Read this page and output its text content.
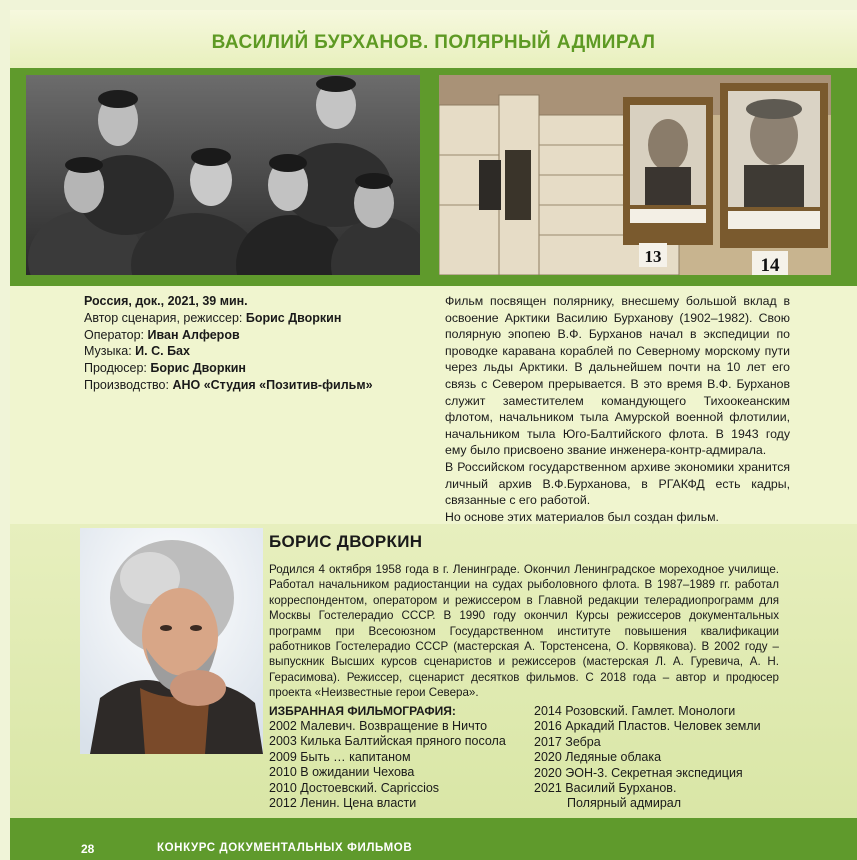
ВАСИЛИЙ БУРХАНОВ. ПОЛЯРНЫЙ АДМИРАЛ
13	14
Россия, док., 2021, 39 мин.
Автор сценария, режиссер: Борис Дворкин
Оператор: Иван Алферов
Музыка: И. С. Бах
Продюсер: Борис Дворкин
Производство: АНО «Студия «Позитив-фильм»

Фильм посвящен полярнику, внесшему большой вклад в освоение Арктики Василию Бурханову (1902–1982). Свою полярную эпопею В.Ф. Бурханов начал в экспедиции по проводке каравана кораблей по Северному морскому пути через льды Арктики. В дальнейшем почти на 10 лет его связь с Севером прерывается. В это время В.Ф. Бурханов служит заместителем командующего Тихоокеанским флотом, начальником тыла Амурской военной флотилии, начальником тыла Юго-Балтийского флота. В 1943 году ему было присвоено звание инженера-контр-адмирала.

В Российском государственном архиве экономики хранится личный архив В.Ф.Бурханова, в РГАКФД есть кадры, связанные с его работой.

Но основе этих материалов был создан фильм.

БОРИС ДВОРКИН

Родился 4 октября 1958 года в г. Ленинграде. Окончил Ленинградское мореходное училище. Работал начальником радиостанции на судах рыболовного флота. В 1987–1989 гг. работал корреспондентом, оператором и режиссером в Главной редакции телерадиопрограмм для Москвы Гостелерадио СССР. В 1990 году окончил Курсы режиссеров документальных программ при Всесоюзном Государственном институте повышения квалификации работников Гостелерадио СССР (мастерская А. Торстенсена, О. Корвякова). В 2002 году – выпускник Высших курсов сценаристов и режиссеров (мастерская Л. А. Гуревича, А. Н. Герасимова). Режиссер, сценарист десятков фильмов. С 2018 года – автор и продюсер проекта «Неизвестные герои Севера».

ИЗБРАННАЯ ФИЛЬМОГРАФИЯ:
2002 Малевич. Возвращение в Ничто
2003 Килька Балтийская пряного посола
2009 Быть … капитаном
2010 В ожидании Чехова
2010 Достоевский. Capriccios
2012 Ленин. Цена власти
2014 Розовский. Гамлет. Монологи
2016 Аркадий Пластов. Человек земли
2017 Зебра
2020 Ледяные облака
2020 ЭОН-3. Секретная экспедиция
2021 Василий Бурханов.
Полярный адмирал
28	КОНКУРС ДОКУМЕНТАЛЬНЫХ ФИЛЬМОВ
